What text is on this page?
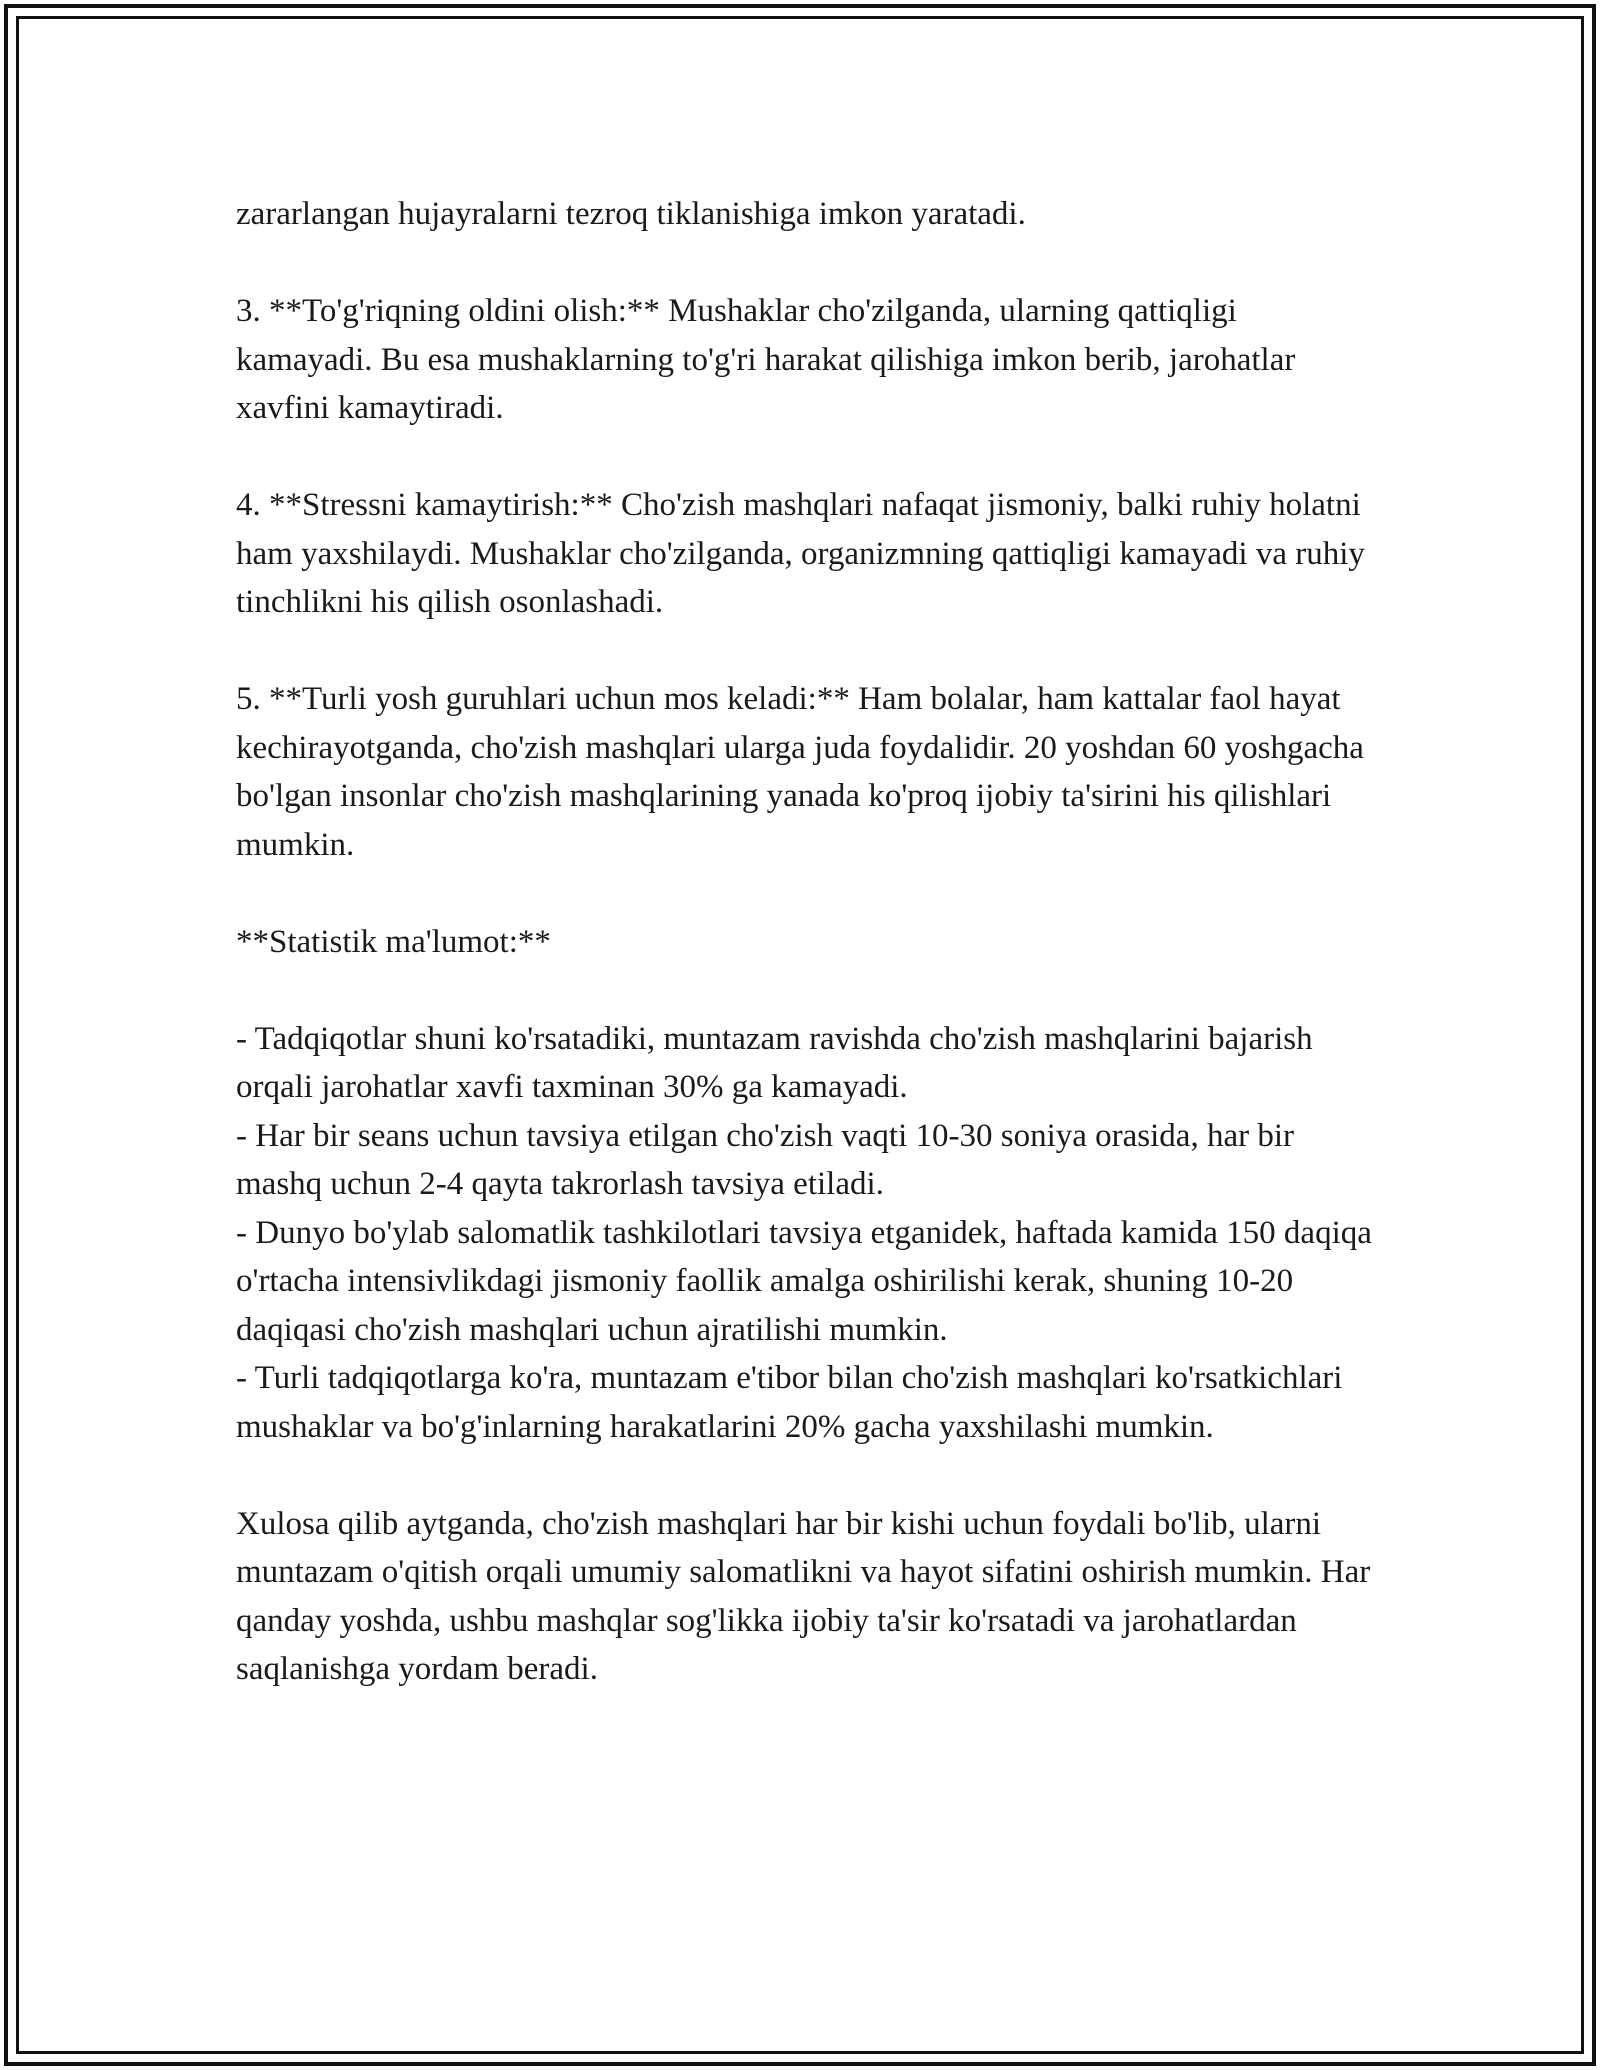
zararlangan hujayralarni tezroq tiklanishiga imkon yaratadi.

3. **To'g'riqning oldini olish:** Mushaklar cho'zilganda, ularning qattiqligi kamayadi. Bu esa mushaklarning to'g'ri harakat qilishiga imkon berib, jarohatlar xavfini kamaytiradi.

4. **Stressni kamaytirish:** Cho'zish mashqlari nafaqat jismoniy, balki ruhiy holatni ham yaxshilaydi. Mushaklar cho'zilganda, organizmning qattiqligi kamayadi va ruhiy tinchlikni his qilish osonlashadi.

5. **Turli yosh guruhlari uchun mos keladi:** Ham bolalar, ham kattalar faol hayat kechirayotganda, cho'zish mashqlari ularga juda foydalidir. 20 yoshdan 60 yoshgacha bo'lgan insonlar cho'zish mashqlarining yanada ko'proq ijobiy ta'sirini his qilishlari mumkin.

**Statistik ma'lumot:**

- Tadqiqotlar shuni ko'rsatadiki, muntazam ravishda cho'zish mashqlarini bajarish orqali jarohatlar xavfi taxminan 30% ga kamayadi.

- Har bir seans uchun tavsiya etilgan cho'zish vaqti 10-30 soniya orasida, har bir mashq uchun 2-4 qayta takrorlash tavsiya etiladi.

- Dunyo bo'ylab salomatlik tashkilotlari tavsiya etganidek, haftada kamida 150 daqiqa o'rtacha intensivlikdagi jismoniy faollik amalga oshirilishi kerak, shuning 10-20 daqiqasi cho'zish mashqlari uchun ajratilishi mumkin.

- Turli tadqiqotlarga ko'ra, muntazam e'tibor bilan cho'zish mashqlari ko'rsatkichlari mushaklar va bo'g'inlarning harakatlarini 20% gacha yaxshilashi mumkin.

Xulosa qilib aytganda, cho'zish mashqlari har bir kishi uchun foydali bo'lib, ularni muntazam o'qitish orqali umumiy salomatlikni va hayot sifatini oshirish mumkin. Har qanday yoshda, ushbu mashqlar sog'likka ijobiy ta'sir ko'rsatadi va jarohatlardan saqlanishga yordam beradi.
